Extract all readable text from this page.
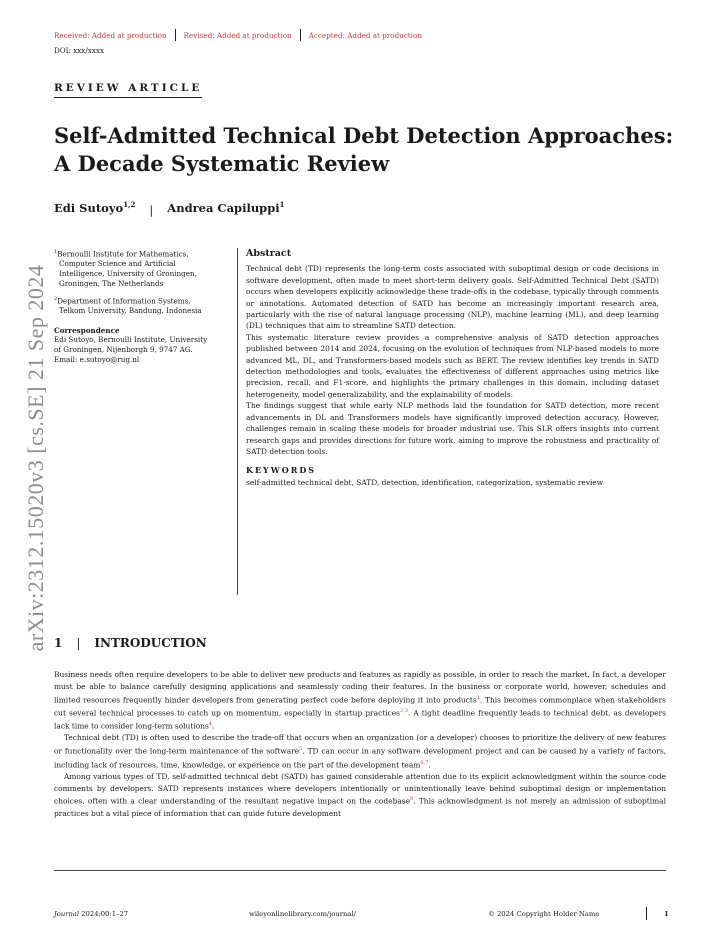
Received: Added at production Revised: Added at production Accepted: Added at production
DOI: xxx/xxxx
REVIEW ARTICLE
Self-Admitted Technical Debt Detection Approaches: A Decade Systematic Review
Edi Sutoyo$^{1,2}$ | Andrea Capiluppi$^1$
arXiv:2312.15020v3 [cs.SE] 21 Sep 2024

$^1$Bernoulli Institute for Mathematics,
Computer Science and Artificial
Intelligence, University of Groningen,
Groningen, The Netherlands

$^2$Department of Information Systems,
Telkom University, Bandung, Indonesia

Correspondence
Edi Sutoyo, Bernoulli Institute, University
of Groningen, Nijenborgh 9, 9747 AG.
Email: e.sutoyo@rug.nl
Abstract

Technical debt (TD) represents the long-term costs associated with suboptimal design or code decisions in software development, often made to meet short-term delivery goals. Self-Admitted Technical Debt (SATD) occurs when developers explicitly acknowledge these trade-offs in the codebase, typically through comments or annotations. Automated detection of SATD has become an increasingly important research area, particularly with the rise of natural language processing (NLP), machine learning (ML), and deep learning (DL) techniques that aim to streamline SATD detection.

This systematic literature review provides a comprehensive analysis of SATD detection approaches published between 2014 and 2024, focusing on the evolution of techniques from NLP-based models to more advanced ML, DL, and Transformers-based models such as BERT. The review identifies key trends in SATD detection methodologies and tools, evaluates the effectiveness of different approaches using metrics like precision, recall, and F1-score, and highlights the primary challenges in this domain, including dataset heterogeneity, model generalizability, and the explainability of models.

The findings suggest that while early NLP methods laid the foundation for SATD detection, more recent advancements in DL and Transformers models have significantly improved detection accuracy. However, challenges remain in scaling these models for broader industrial use. This SLR offers insights into current research gaps and provides directions for future work, aiming to improve the robustness and practicality of SATD detection tools.

KEYWORDS

self-admitted technical debt, SATD, detection, identification, categorization, systematic review

1 | INTRODUCTION

Business needs often require developers to be able to deliver new products and features as rapidly as possible, in order to reach the market. In fact, a developer must be able to balance carefully designing applications and seamlessly coding their features. In the business or corporate world, however, schedules and limited resources frequently hinder developers from generating perfect code before deploying it into products$^1$. This becomes commonplace when stakeholders cut several technical processes to catch up on momentum, especially in startup practices$^{2,3}$. A tight deadline frequently leads to technical debt, as developers lack time to consider long-term solutions$^4$.

Technical debt (TD) is often used to describe the trade-off that occurs when an organization (or a developer) chooses to prioritize the delivery of new features or functionality over the long-term maintenance of the software$^5$. TD can occur in any software development project and can be caused by a variety of factors, including lack of resources, time, knowledge, or experience on the part of the development team$^{6,7}$.

Among various types of TD, self-admitted technical debt (SATD) has gained considerable attention due to its explicit acknowledgment within the source code comments by developers. SATD represents instances where developers intentionally or unintentionally leave behind suboptimal design or implementation choices, often with a clear understanding of the resultant negative impact on the codebase$^8$. This acknowledgment is not merely an admission of suboptimal practices but a vital piece of information that can guide future development

Journal 2024;00:1–27	wileyonlinelibrary.com/journal/	© 2024 Copyright Holder Name	1
